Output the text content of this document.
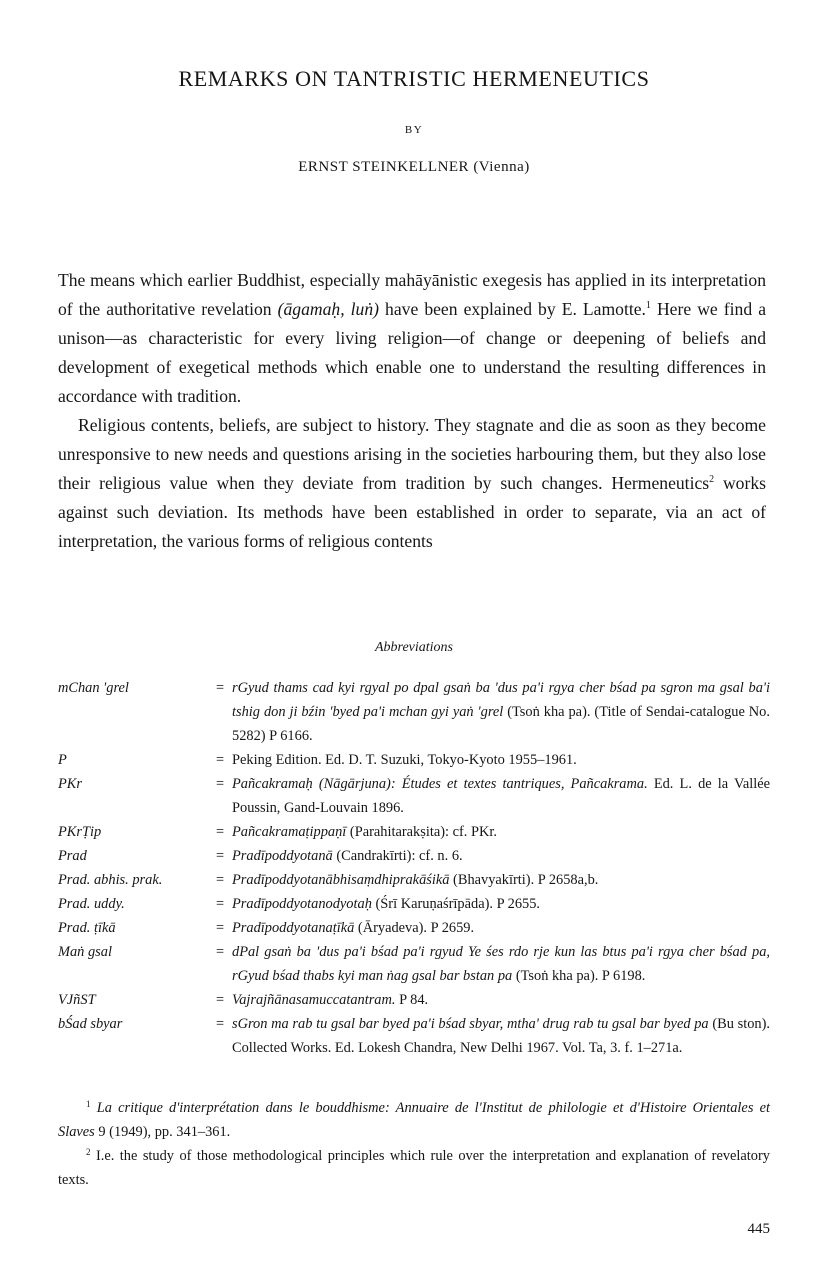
REMARKS ON TANTRISTIC HERMENEUTICS
BY
ERNST STEINKELLNER (Vienna)

The means which earlier Buddhist, especially mahāyānistic exegesis has applied in its interpretation of the authoritative revelation (āgamaḥ, luṅ) have been explained by E. Lamotte.$^1$ Here we find a unison—as characteristic for every living religion—of change or deepening of beliefs and development of exegetical methods which enable one to understand the resulting differences in accordance with tradition.

Religious contents, beliefs, are subject to history. They stagnate and die as soon as they become unresponsive to new needs and questions arising in the societies harbouring them, but they also lose their religious value when they deviate from tradition by such changes. Hermeneutics$^2$ works against such deviation. Its methods have been established in order to separate, via an act of interpretation, the various forms of religious contents

Abbreviations
mChan 'grel	= rGyud thams cad kyi rgyal po dpal gsaṅ ba 'dus pa'i rgya cher bśad pa sgron ma gsal ba'i tshig don ji bźin 'byed pa'i mchan gyi yaṅ 'grel (Tsoṅ kha pa). (Title of Sendai-catalogue No. 5282) P 6166.
P	= Peking Edition. Ed. D. T. Suzuki, Tokyo-Kyoto 1955–1961.
PKr	= Pañcakramaḥ (Nāgārjuna): Études et textes tantriques, Pañcakrama. Ed. L. de la Vallée Poussin, Gand-Louvain 1896.
PKrṬip	= Pañcakramaṭippaṇī (Parahitarakṣita): cf. PKr.
Prad	= Pradīpoddyotanā (Candrakīrti): cf. n. 6.
Prad. abhis. prak.	= Pradīpoddyotanābhisaṃdhiprakāśikā (Bhavyakīrti). P 2658a,b.
Prad. uddy.	= Pradīpoddyotanodyotaḥ (Śrī Karuṇaśrīpāda). P 2655.
Prad. ṭīkā	= Pradīpoddyotanaṭīkā (Āryadeva). P 2659.
Maṅ gsal	= dPal gsaṅ ba 'dus pa'i bśad pa'i rgyud Ye śes rdo rje kun las btus pa'i rgya cher bśad pa, rGyud bśad thabs kyi man ṅag gsal bar bstan pa (Tsoṅ kha pa). P 6198.
VJñST	= Vajrajñānasamuccatantram. P 84.
bŚad sbyar	= sGron ma rab tu gsal bar byed pa'i bśad sbyar, mtha' drug rab tu gsal bar byed pa (Bu ston). Collected Works. Ed. Lokesh Chandra, New Delhi 1967. Vol. Ta, 3. f. 1–271a.

$^1$ La critique d'interprétation dans le bouddhisme: Annuaire de l'Institut de philologie et d'Histoire Orientales et Slaves 9 (1949), pp. 341–361.

$^2$ I.e. the study of those methodological principles which rule over the interpretation and explanation of revelatory texts.

445
